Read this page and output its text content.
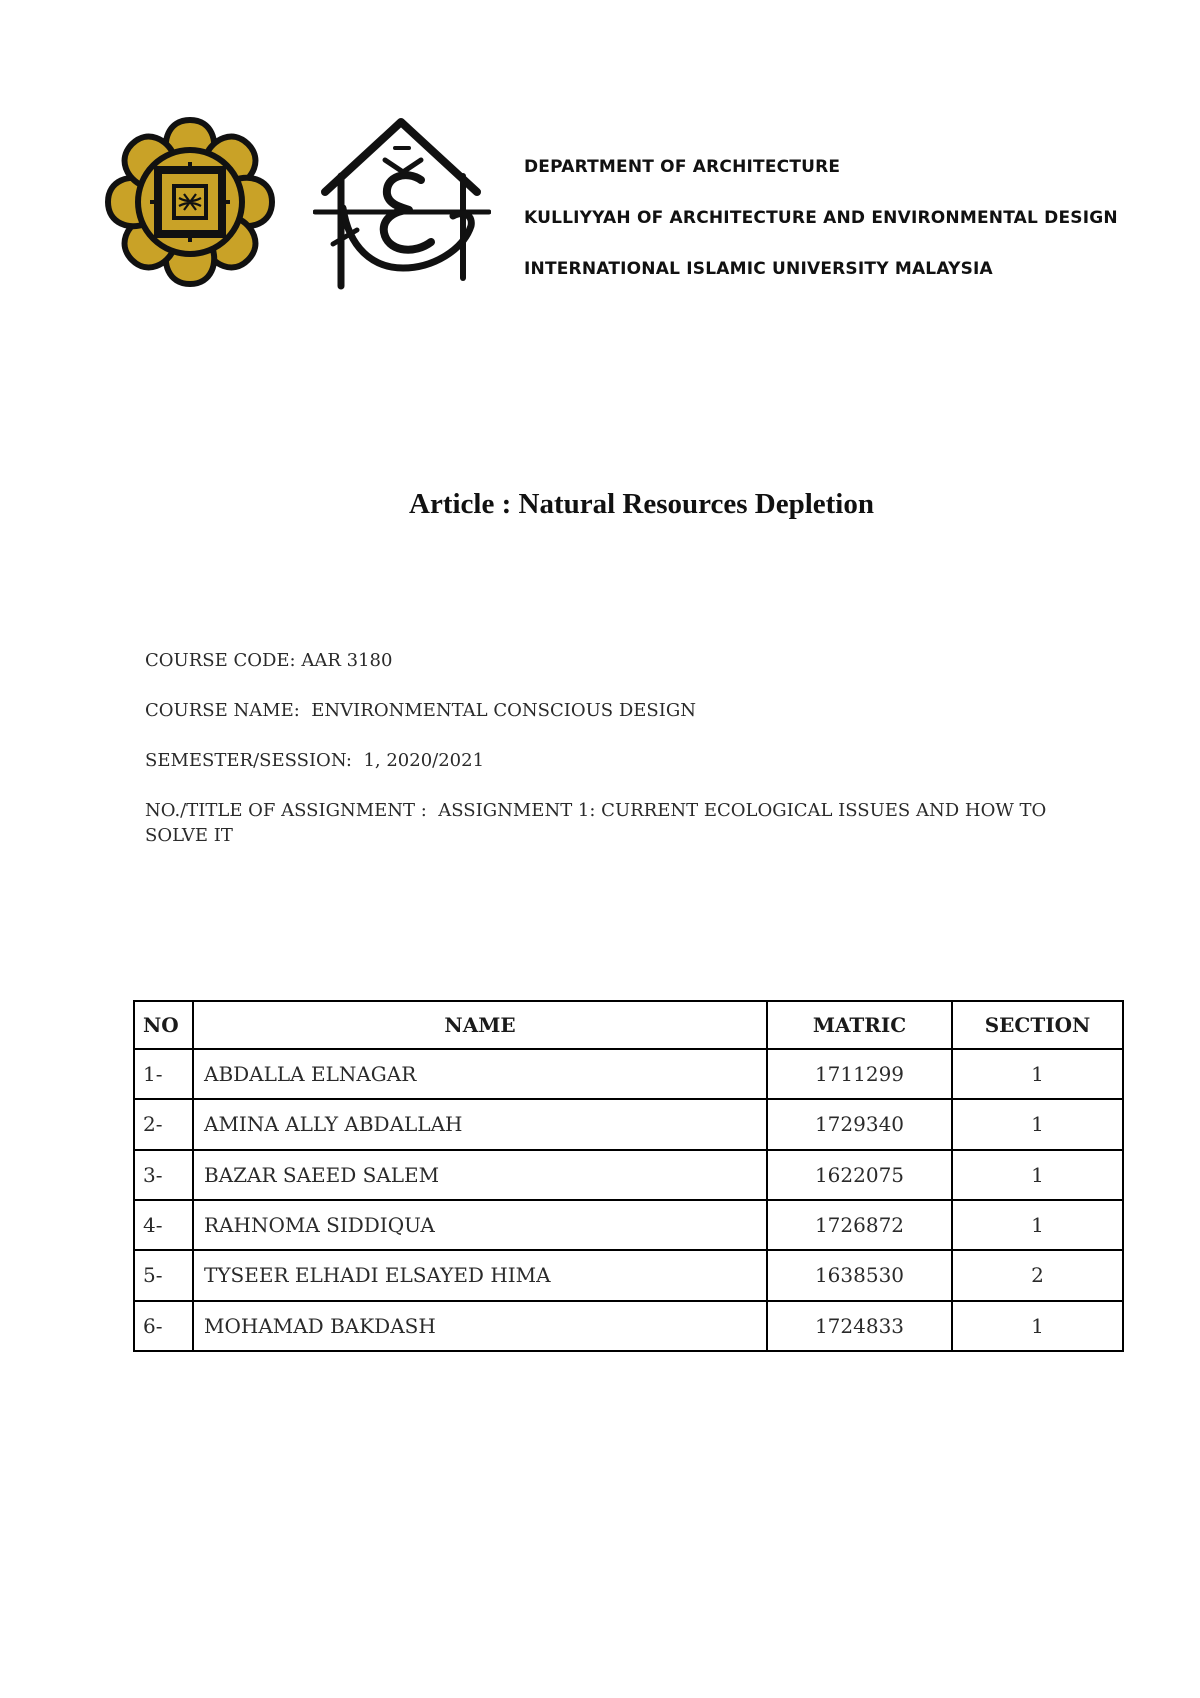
DEPARTMENT OF ARCHITECTURE
KULLIYYAH OF ARCHITECTURE AND ENVIRONMENTAL DESIGN
INTERNATIONAL ISLAMIC UNIVERSITY MALAYSIA
Article : Natural Resources Depletion
COURSE CODE: AAR 3180
COURSE NAME: ENVIRONMENTAL CONSCIOUS DESIGN
SEMESTER/SESSION: 1, 2020/2021
NO./TITLE OF ASSIGNMENT : ASSIGNMENT 1: CURRENT ECOLOGICAL ISSUES AND HOW TO SOLVE IT
NO	NAME	MATRIC	SECTION
1-	ABDALLA ELNAGAR	1711299	1
2-	AMINA ALLY ABDALLAH	1729340	1
3-	BAZAR SAEED SALEM	1622075	1
4-	RAHNOMA SIDDIQUA	1726872	1
5-	TYSEER ELHADI ELSAYED HIMA	1638530	2
6-	MOHAMAD BAKDASH	1724833	1
